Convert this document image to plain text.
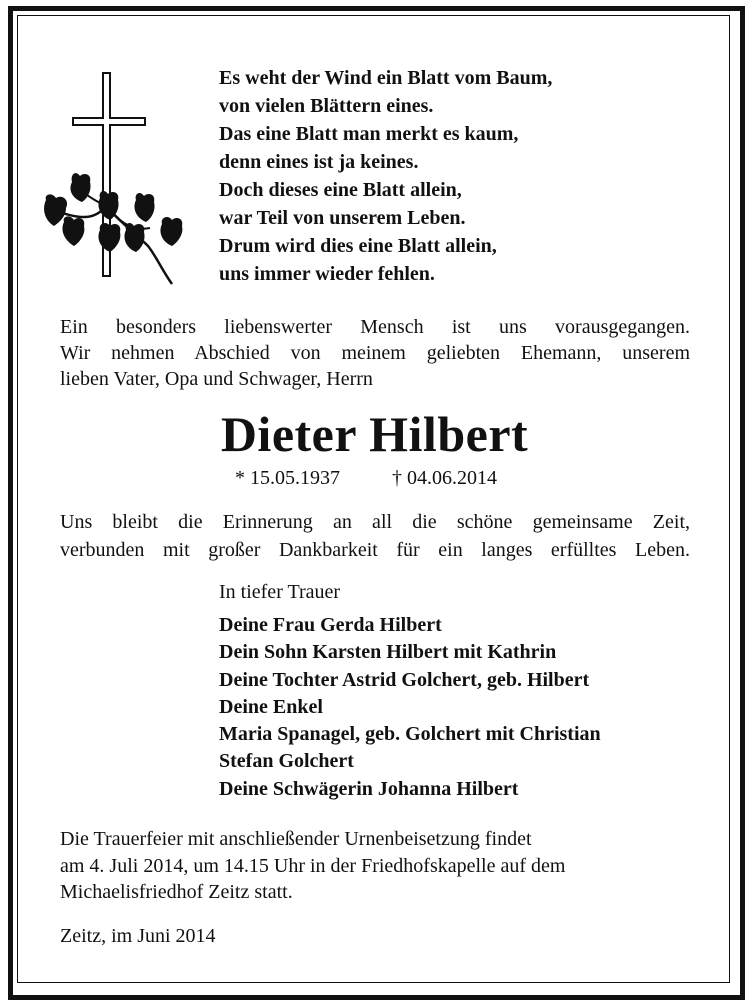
Es weht der Wind ein Blatt vom Baum,
von vielen Blättern eines.
Das eine Blatt man merkt es kaum,
denn eines ist ja keines.
Doch dieses eine Blatt allein,
war Teil von unserem Leben.
Drum wird dies eine Blatt allein,
uns immer wieder fehlen.
Ein besonders liebenswerter Mensch ist uns vorausgegangen.
Wir nehmen Abschied von meinem geliebten Ehemann, unserem
lieben Vater, Opa und Schwager, Herrn
Dieter Hilbert
* 15.05.1937	† 04.06.2014
Uns bleibt die Erinnerung an all die schöne gemeinsame Zeit,
verbunden mit großer Dankbarkeit für ein langes erfülltes Leben.
In tiefer Trauer
Deine Frau Gerda Hilbert
Dein Sohn Karsten Hilbert mit Kathrin
Deine Tochter Astrid Golchert, geb. Hilbert
Deine Enkel
Maria Spanagel, geb. Golchert mit Christian
Stefan Golchert
Deine Schwägerin Johanna Hilbert
Die Trauerfeier mit anschließender Urnenbeisetzung findet
am 4. Juli 2014, um 14.15 Uhr in der Friedhofskapelle auf dem
Michaelisfriedhof Zeitz statt.
Zeitz, im Juni 2014
